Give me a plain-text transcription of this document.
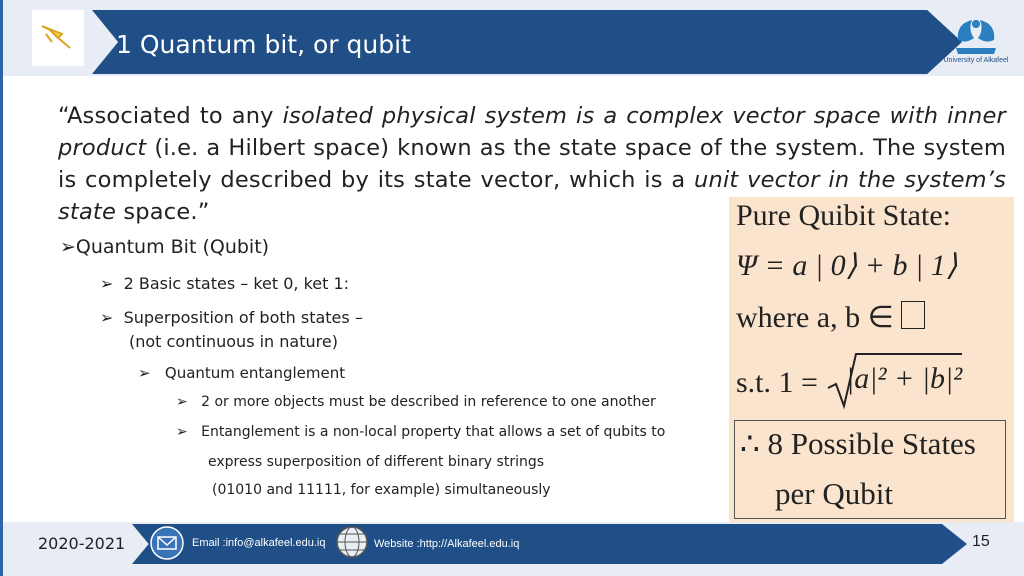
1 Quantum bit, or qubit
University of Alkafeel
“Associated to any isolated physical system is a complex vector space with inner product (i.e. a Hilbert space) known as the state space of the system. The system is completely described by its state vector, which is a unit vector in the system’s state space.”
➢Quantum Bit (Qubit)
➢ 2 Basic states – ket 0, ket 1:
➢ Superposition of both states –
(not continuous in nature)
➢ Quantum entanglement
➢ 2 or more objects must be described in reference to one another
➢ Entanglement is a non-local property that allows a set of qubits to
express superposition of different binary strings
(01010 and 11111, for example) simultaneously
Pure Quibit State:
Ψ = a | 0⟩ + b | 1⟩
where a, b ∈
s.t. 1 = |a|² + |b|²
∴ 8 Possible States
per Qubit
2020-2021	Email :info@alkafeel.edu.iq	Website :http://Alkafeel.edu.iq	15
